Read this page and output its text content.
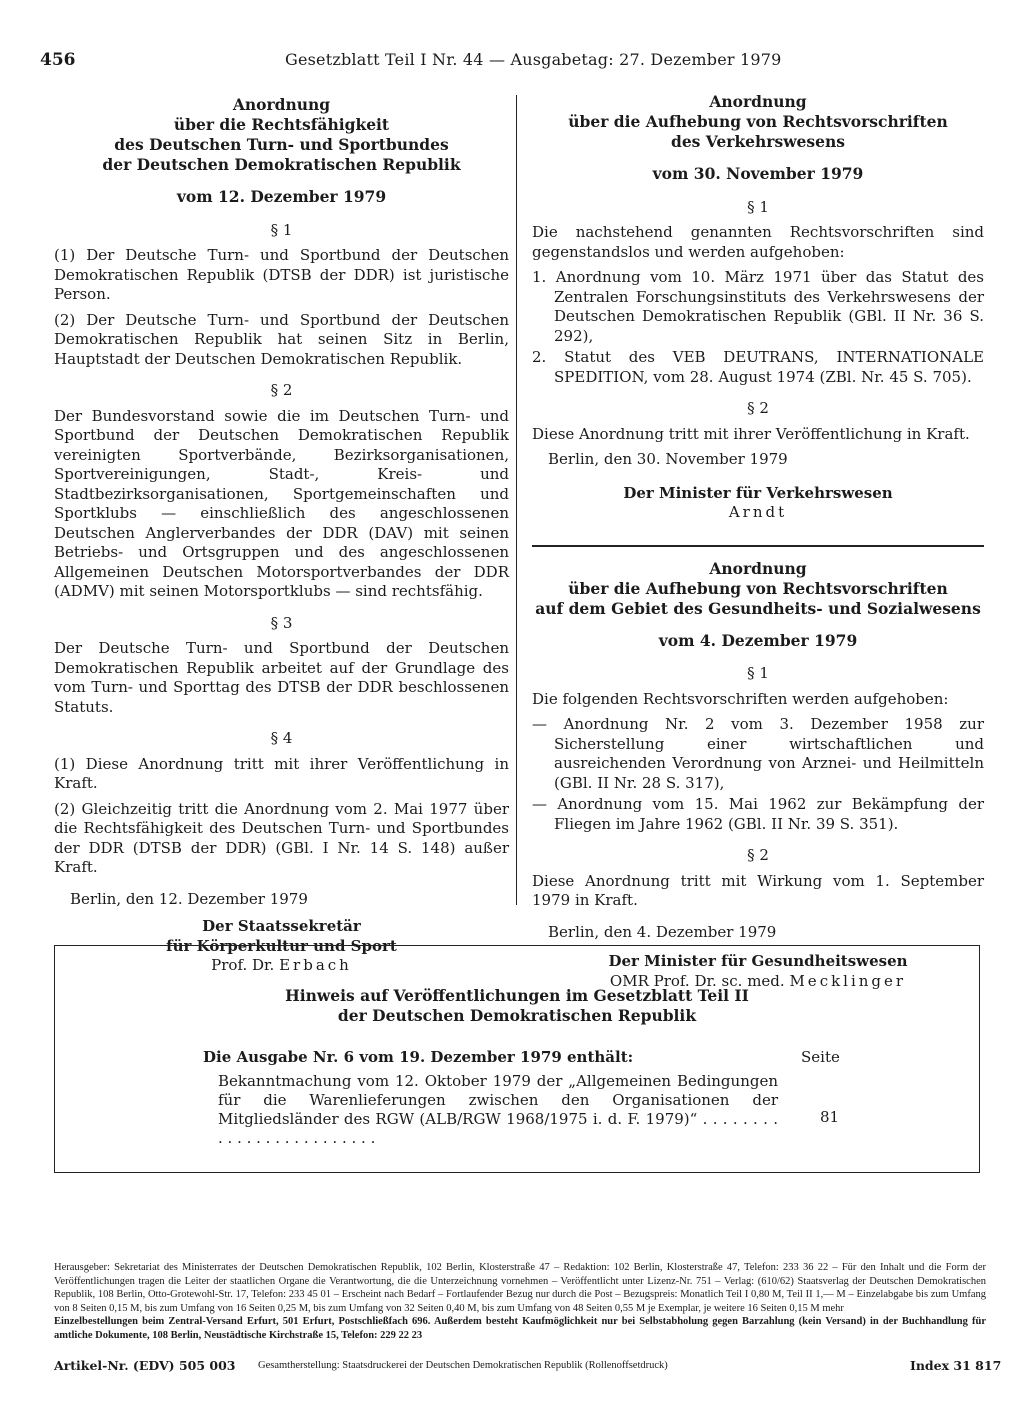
456	Gesetzblatt Teil I Nr. 44 — Ausgabetag: 27. Dezember 1979
Anordnung
über die Rechtsfähigkeit
des Deutschen Turn- und Sportbundes
der Deutschen Demokratischen Republik
vom 12. Dezember 1979
§ 1

(1) Der Deutsche Turn- und Sportbund der Deutschen Demokratischen Republik (DTSB der DDR) ist juristische Person.

(2) Der Deutsche Turn- und Sportbund der Deutschen Demokratischen Republik hat seinen Sitz in Berlin, Hauptstadt der Deutschen Demokratischen Republik.

§ 2

Der Bundesvorstand sowie die im Deutschen Turn- und Sportbund der Deutschen Demokratischen Republik vereinigten Sportverbände, Bezirksorganisationen, Sportvereinigungen, Stadt-, Kreis- und Stadtbezirksorganisationen, Sportgemeinschaften und Sportklubs — einschließlich des angeschlossenen Deutschen Anglerverbandes der DDR (DAV) mit seinen Betriebs- und Ortsgruppen und des angeschlossenen Allgemeinen Deutschen Motorsportverbandes der DDR (ADMV) mit seinen Motorsportklubs — sind rechtsfähig.

§ 3

Der Deutsche Turn- und Sportbund der Deutschen Demokratischen Republik arbeitet auf der Grundlage des vom Turn- und Sporttag des DTSB der DDR beschlossenen Statuts.

§ 4

(1) Diese Anordnung tritt mit ihrer Veröffentlichung in Kraft.

(2) Gleichzeitig tritt die Anordnung vom 2. Mai 1977 über die Rechtsfähigkeit des Deutschen Turn- und Sportbundes der DDR (DTSB der DDR) (GBl. I Nr. 14 S. 148) außer Kraft.

Berlin, den 12. Dezember 1979
Der Staatssekretär
für Körperkultur und Sport
Prof. Dr. Erbach
Anordnung
über die Aufhebung von Rechtsvorschriften
des Verkehrswesens
vom 30. November 1979
§ 1

Die nachstehend genannten Rechtsvorschriften sind gegenstandslos und werden aufgehoben:

1. Anordnung vom 10. März 1971 über das Statut des Zentralen Forschungsinstituts des Verkehrswesens der Deutschen Demokratischen Republik (GBl. II Nr. 36 S. 292),
2. Statut des VEB DEUTRANS, INTERNATIONALE SPEDITION, vom 28. August 1974 (ZBl. Nr. 45 S. 705).
§ 2

Diese Anordnung tritt mit ihrer Veröffentlichung in Kraft.

Berlin, den 30. November 1979
Der Minister für Verkehrswesen
Arndt
Anordnung
über die Aufhebung von Rechtsvorschriften
auf dem Gebiet des Gesundheits- und Sozialwesens
vom 4. Dezember 1979
§ 1

Die folgenden Rechtsvorschriften werden aufgehoben:

— Anordnung Nr. 2 vom 3. Dezember 1958 zur Sicherstellung einer wirtschaftlichen und ausreichenden Verordnung von Arznei- und Heilmitteln (GBl. II Nr. 28 S. 317),
— Anordnung vom 15. Mai 1962 zur Bekämpfung der Fliegen im Jahre 1962 (GBl. II Nr. 39 S. 351).
§ 2

Diese Anordnung tritt mit Wirkung vom 1. September 1979 in Kraft.

Berlin, den 4. Dezember 1979
Der Minister für Gesundheitswesen
OMR Prof. Dr. sc. med. Mecklinger
Hinweis auf Veröffentlichungen im Gesetzblatt Teil II
der Deutschen Demokratischen Republik
Die Ausgabe Nr. 6 vom 19. Dezember 1979 enthält:	Seite
Bekanntmachung vom 12. Oktober 1979 der „Allgemeinen Bedingungen für die Warenlieferungen zwischen den Organisationen der Mitgliedsländer des RGW (ALB/RGW 1968/1975 i. d. F. 1979)“ . . . . . . . . . . . . . . . . . . . . . . . . .
81
Herausgeber: Sekretariat des Ministerrates der Deutschen Demokratischen Republik, 102 Berlin, Klosterstraße 47 – Redaktion: 102 Berlin, Klosterstraße 47, Telefon: 233 36 22 – Für den Inhalt und die Form der Veröffentlichungen tragen die Leiter der staatlichen Organe die Verantwortung, die die Unterzeichnung vornehmen – Veröffentlicht unter Lizenz-Nr. 751 – Verlag: (610/62) Staatsverlag der Deutschen Demokratischen Republik, 108 Berlin, Otto-Grotewohl-Str. 17, Telefon: 233 45 01 – Erscheint nach Bedarf – Fortlaufender Bezug nur durch die Post – Bezugspreis: Monatlich Teil I 0,80 M, Teil II 1,— M – Einzelabgabe bis zum Umfang von 8 Seiten 0,15 M, bis zum Umfang von 16 Seiten 0,25 M, bis zum Umfang von 32 Seiten 0,40 M, bis zum Umfang von 48 Seiten 0,55 M je Exemplar, je weitere 16 Seiten 0,15 M mehr
Einzelbestellungen beim Zentral-Versand Erfurt, 501 Erfurt, Postschließfach 696. Außerdem besteht Kaufmöglichkeit nur bei Selbstabholung gegen Barzahlung (kein Versand) in der Buchhandlung für amtliche Dokumente, 108 Berlin, Neustädtische Kirchstraße 15, Telefon: 229 22 23
Artikel-Nr. (EDV) 505 003 Gesamtherstellung: Staatsdruckerei der Deutschen Demokratischen Republik (Rollenoffsetdruck)	Index 31 817
